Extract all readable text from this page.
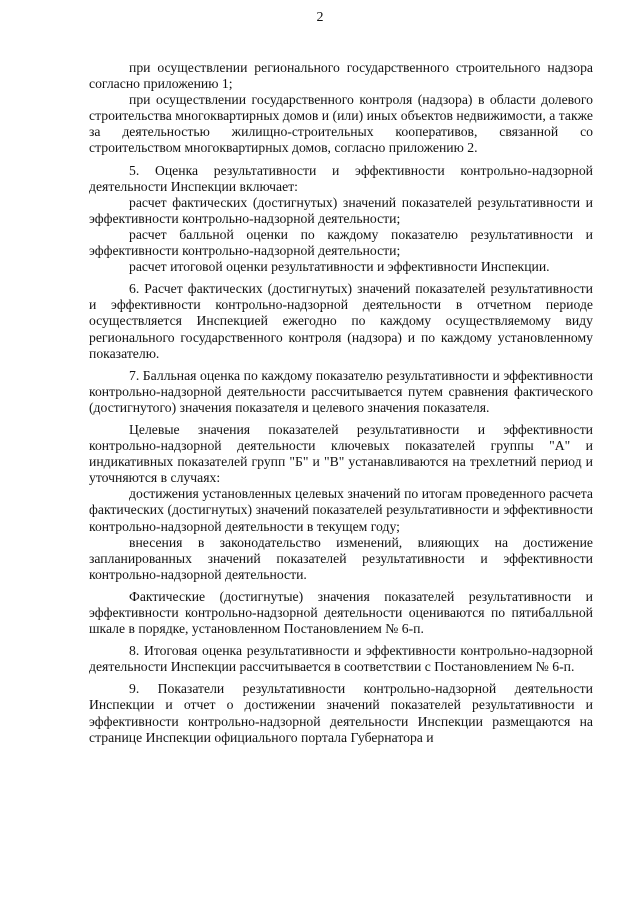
2

при осуществлении регионального государственного строительного надзора согласно приложению 1;

при осуществлении государственного контроля (надзора) в области долевого строительства многоквартирных домов и (или) иных объектов недвижимости, а также за деятельностью жилищно-строительных кооперативов, связанной со строительством многоквартирных домов, согласно приложению 2.

5. Оценка результативности и эффективности контрольно-надзорной деятельности Инспекции включает:

расчет фактических (достигнутых) значений показателей результативности и эффективности контрольно-надзорной деятельности;

расчет балльной оценки по каждому показателю результативности и эффективности контрольно-надзорной деятельности;

расчет итоговой оценки результативности и эффективности Инспекции.

6. Расчет фактических (достигнутых) значений показателей результативности и эффективности контрольно-надзорной деятельности в отчетном периоде осуществляется Инспекцией ежегодно по каждому осуществляемому виду регионального государственного контроля (надзора) и по каждому установленному показателю.

7. Балльная оценка по каждому показателю результативности и эффективности контрольно-надзорной деятельности рассчитывается путем сравнения фактического (достигнутого) значения показателя и целевого значения показателя.

Целевые значения показателей результативности и эффективности контрольно-надзорной деятельности ключевых показателей группы "А" и индикативных показателей групп "Б" и "В" устанавливаются на трехлетний период и уточняются в случаях:

достижения установленных целевых значений по итогам проведенного расчета фактических (достигнутых) значений показателей результативности и эффективности контрольно-надзорной деятельности в текущем году;

внесения в законодательство изменений, влияющих на достижение запланированных значений показателей результативности и эффективности контрольно-надзорной деятельности.

Фактические (достигнутые) значения показателей результативности и эффективности контрольно-надзорной деятельности оцениваются по пятибалльной шкале в порядке, установленном Постановлением № 6-п.

8. Итоговая оценка результативности и эффективности контрольно-надзорной деятельности Инспекции рассчитывается в соответствии с Постановлением № 6-п.

9. Показатели результативности контрольно-надзорной деятельности Инспекции и отчет о достижении значений показателей результативности и эффективности контрольно-надзорной деятельности Инспекции размещаются на странице Инспекции официального портала Губернатора и
